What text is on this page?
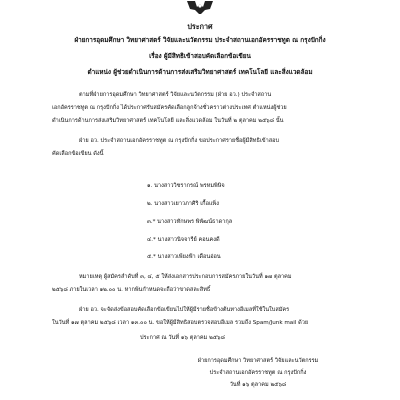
ประกาศ
ฝ่ายการอุดมศึกษา วิทยาศาสตร์ วิจัยและนวัตกรรม ประจำสถานเอกอัครราชทูต ณ กรุงปักกิ่ง
เรื่อง ผู้มีสิทธิเข้าสอบคัดเลือกข้อเขียน
ตำแหน่ง ผู้ช่วยดำเนินการด้านการส่งเสริมวิทยาศาสตร์ เทคโนโลยี และสิ่งแวดล้อม
ตามที่ฝ่ายการอุดมศึกษา วิทยาศาสตร์ วิจัยและนวัตกรรม (ฝ่าย อว.) ประจำสถาน
เอกอัครราชทูต ณ กรุงปักกิ่ง ได้ประกาศรับสมัครคัดเลือกลูกจ้างชั่วคราวต่างประเทศ ตำแหน่งผู้ช่วย
ดำเนินการด้านการส่งเสริมวิทยาศาสตร์ เทคโนโลยี และสิ่งแวดล้อม ในวันที่ ๒ ตุลาคม ๒๕๖๘ นั้น
ฝ่าย อว. ประจำสถานเอกอัครราชทูต ณ กรุงปักกิ่ง ขอประกาศรายชื่อผู้มีสิทธิเข้าสอบ
คัดเลือกข้อเขียน ดังนี้
๑. นางสาววิชรากรณ์ พรหมพิษิจ
๒. นางสาวเยาวภาศิริ เกื้อแพ็ง
๓.* นางสาวทักษพร พิพัฒน์ธาดากุล
๔.* นางสาวนิจจารีย์ คอนคงดี
๕.* นางสาวเพียงฟ้า เดือนอ่อน
หมายเหตุ ผู้สมัครลำดับที่ ๓, ๔, ๕ ให้ส่งเอกสารประกอบการสมัครภายในวันที่ ๑๗ ตุลาคม
๒๕๖๘ ภายในเวลา ๑๒.๐๐ น. หากพ้นกำหนดจะถือว่าขาดสละสิทธิ์
ฝ่าย อว. จะจัดส่งข้อสอบคัดเลือกข้อเขียนไปให้ผู้มีรายชื่อข้างต้นทางอีเมลที่ใช้ในใบสมัคร
ในวันที่ ๑๗ ตุลาคม ๒๕๖๘ เวลา ๑๓.๐๐ น. ขอให้ผู้มีสิทธิสอบตรวจสอบอีเมล รวมถึง Spam/Junk mail ด้วย
ประกาศ ณ วันที่ ๑๖ ตุลาคม ๒๕๖๘
ฝ่ายการอุดมศึกษา วิทยาศาสตร์ วิจัยและนวัตกรรม
ประจำสถานเอกอัครราชทูต ณ กรุงปักกิ่ง
วันที่ ๑๖ ตุลาคม ๒๕๖๘
